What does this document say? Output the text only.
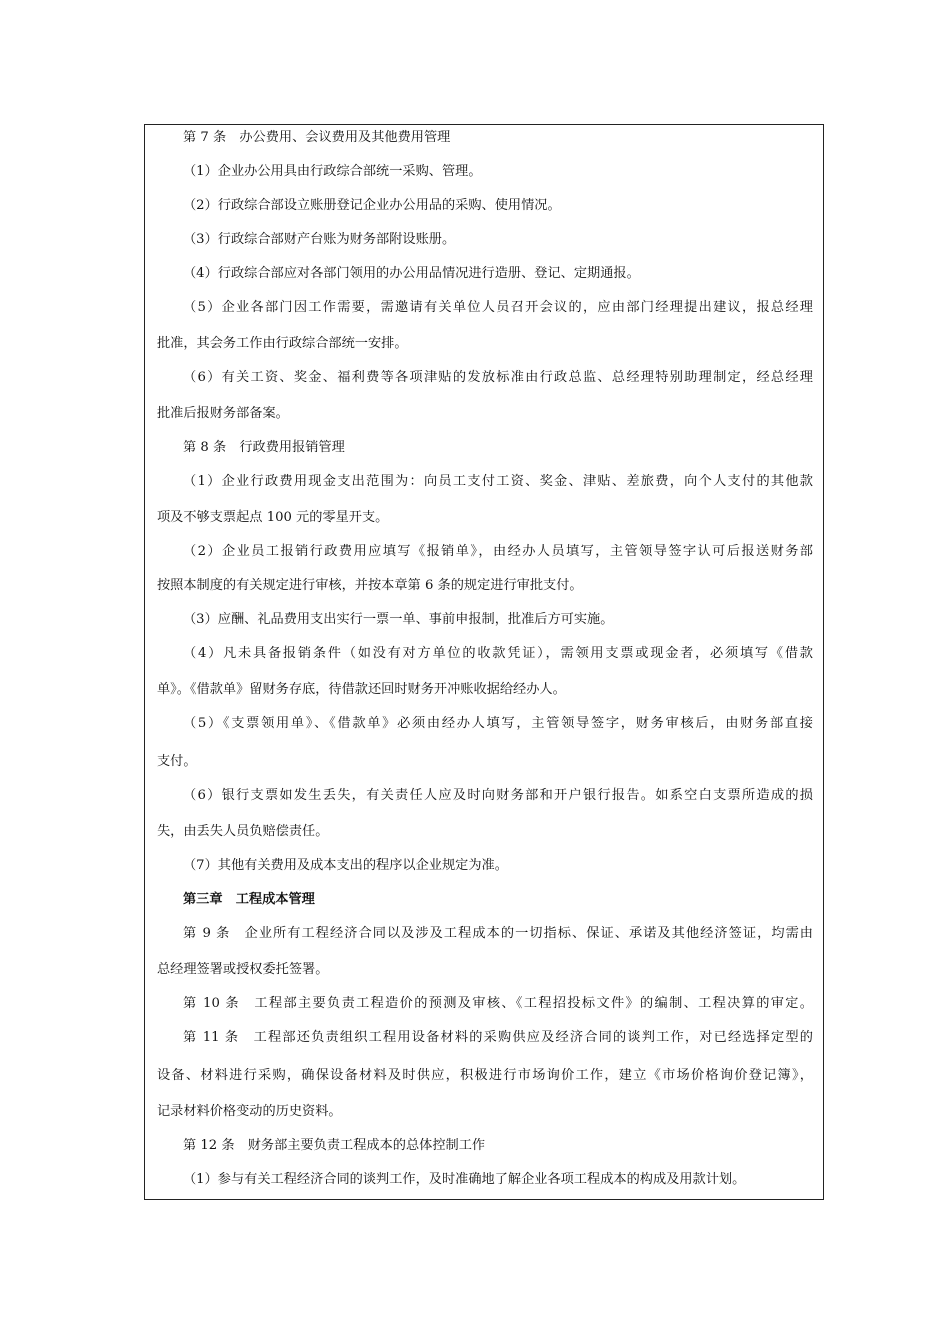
第 7 条　办公费用、会议费用及其他费用管理
（1）企业办公用具由行政综合部统一采购、管理。
（2）行政综合部设立账册登记企业办公用品的采购、使用情况。
（3）行政综合部财产台账为财务部附设账册。
（4）行政综合部应对各部门领用的办公用品情况进行造册、登记、定期通报。
（5）企业各部门因工作需要，需邀请有关单位人员召开会议的，应由部门经理提出建议，报总经理
批准，其会务工作由行政综合部统一安排。
（6）有关工资、奖金、福利费等各项津贴的发放标准由行政总监、总经理特别助理制定，经总经理
批准后报财务部备案。
第 8 条　行政费用报销管理
（1）企业行政费用现金支出范围为：向员工支付工资、奖金、津贴、差旅费，向个人支付的其他款
项及不够支票起点 100 元的零星开支。
（2）企业员工报销行政费用应填写《报销单》，由经办人员填写，主管领导签字认可后报送财务部
按照本制度的有关规定进行审核，并按本章第 6 条的规定进行审批支付。
（3）应酬、礼品费用支出实行一票一单、事前申报制，批准后方可实施。
（4）凡未具备报销条件（如没有对方单位的收款凭证），需领用支票或现金者，必须填写《借款
单》。《借款单》留财务存底，待借款还回时财务开冲账收据给经办人。
（5）《支票领用单》、《借款单》必须由经办人填写，主管领导签字，财务审核后，由财务部直接
支付。
（6）银行支票如发生丢失，有关责任人应及时向财务部和开户银行报告。如系空白支票所造成的损
失，由丢失人员负赔偿责任。
（7）其他有关费用及成本支出的程序以企业规定为准。
第三章　工程成本管理
第 9 条　企业所有工程经济合同以及涉及工程成本的一切指标、保证、承诺及其他经济签证，均需由
总经理签署或授权委托签署。
第 10 条　工程部主要负责工程造价的预测及审核、《工程招投标文件》的编制、工程决算的审定。
第 11 条　工程部还负责组织工程用设备材料的采购供应及经济合同的谈判工作，对已经选择定型的
设备、材料进行采购，确保设备材料及时供应，积极进行市场询价工作，建立《市场价格询价登记簿》，
记录材料价格变动的历史资料。
第 12 条　财务部主要负责工程成本的总体控制工作
（1）参与有关工程经济合同的谈判工作，及时准确地了解企业各项工程成本的构成及用款计划。
